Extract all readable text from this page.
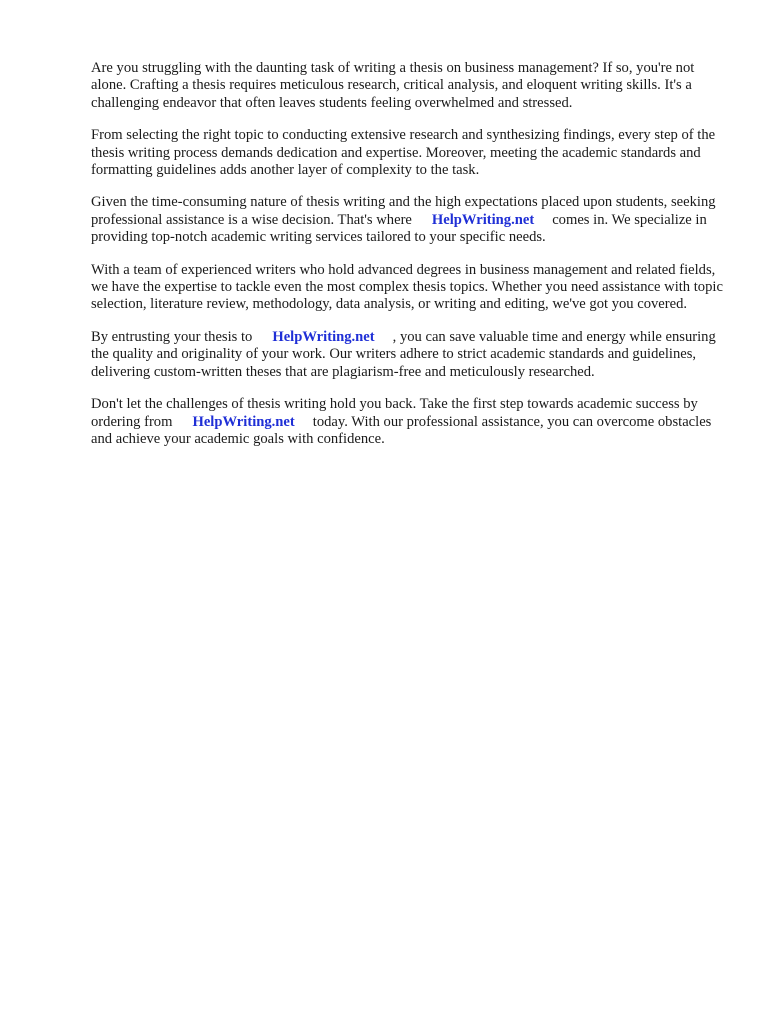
Are you struggling with the daunting task of writing a thesis on business management? If so, you're not alone. Crafting a thesis requires meticulous research, critical analysis, and eloquent writing skills. It's a challenging endeavor that often leaves students feeling overwhelmed and stressed.

From selecting the right topic to conducting extensive research and synthesizing findings, every step of the thesis writing process demands dedication and expertise. Moreover, meeting the academic standards and formatting guidelines adds another layer of complexity to the task.

Given the time-consuming nature of thesis writing and the high expectations placed upon students, seeking professional assistance is a wise decision. That's where HelpWriting.net comes in. We specialize in providing top-notch academic writing services tailored to your specific needs.

With a team of experienced writers who hold advanced degrees in business management and related fields, we have the expertise to tackle even the most complex thesis topics. Whether you need assistance with topic selection, literature review, methodology, data analysis, or writing and editing, we've got you covered.

By entrusting your thesis to HelpWriting.net , you can save valuable time and energy while ensuring the quality and originality of your work. Our writers adhere to strict academic standards and guidelines, delivering custom-written theses that are plagiarism-free and meticulously researched.

Don't let the challenges of thesis writing hold you back. Take the first step towards academic success by ordering from HelpWriting.net today. With our professional assistance, you can overcome obstacles and achieve your academic goals with confidence.
